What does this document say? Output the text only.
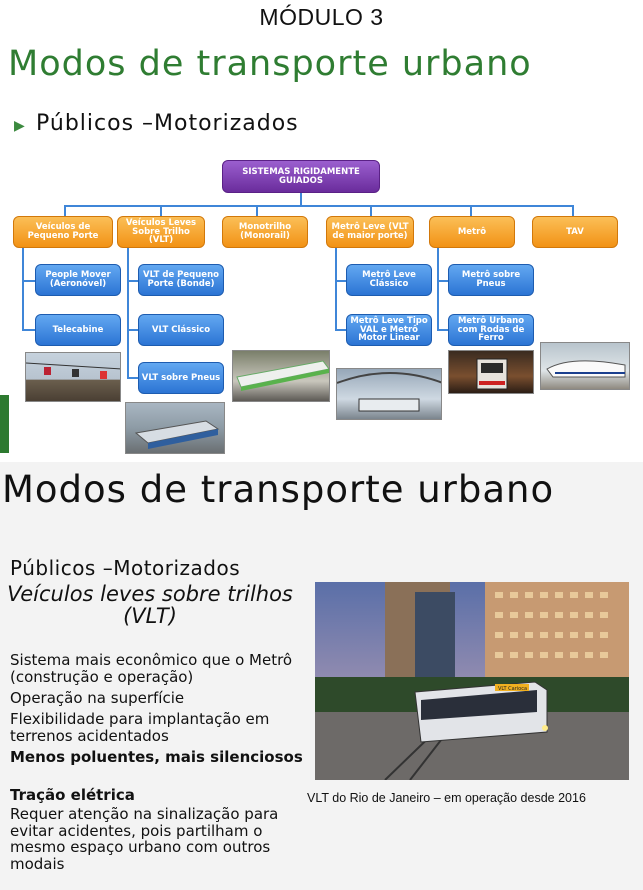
MÓDULO 3
Modos de transporte urbano
▶ Públicos –Motorizados
SISTEMAS RIGIDAMENTE GUIADOS
Veículos de Pequeno Porte
Veículos Leves Sobre Trilho (VLT)
Monotrilho (Monorail)
Metrô Leve (VLT de maior porte)	Metrô	TAV
People Mover (Aeronóvel)
Telecabine
VLT de Pequeno Porte (Bonde)
VLT Clássico
VLT sobre Pneus
Metrô Leve Clássico
Metrô Leve Tipo VAL e Metrô Motor Linear
Metrô sobre Pneus
Metrô Urbano com Rodas de Ferro
Modos de transporte urbano
Públicos –Motorizados
Veículos leves sobre trilhos (VLT)
Sistema mais econômico que o Metrô (construção e operação)
Operação na superfície
Flexibilidade para implantação em terrenos acidentados
Menos poluentes, mais silenciosos
Tração elétrica
Requer atenção na sinalização para evitar acidentes, pois partilham o mesmo espaço urbano com outros modais
VLT Carioca
VLT do Rio de Janeiro – em operação desde 2016
